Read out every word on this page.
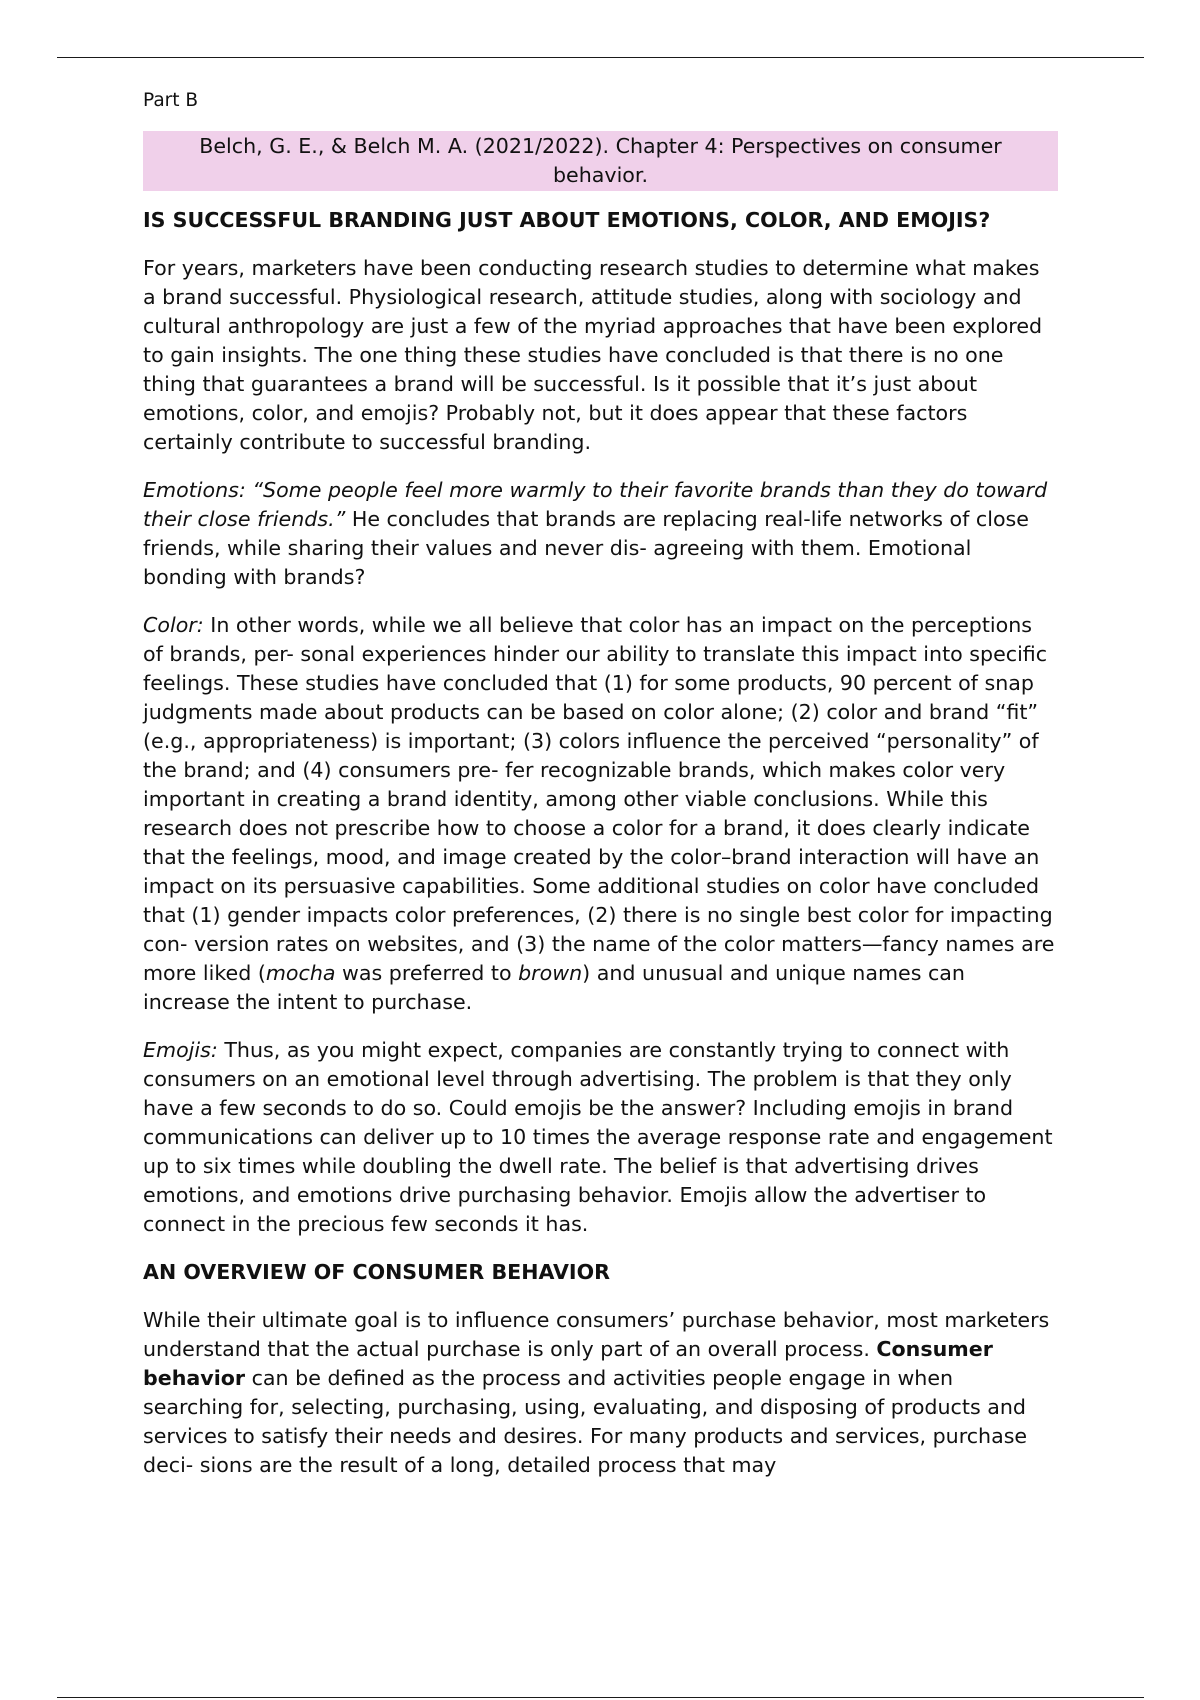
Part B
Belch, G. E., & Belch M. A. (2021/2022). Chapter 4: Perspectives on consumer behavior.
IS SUCCESSFUL BRANDING JUST ABOUT EMOTIONS, COLOR, AND EMOJIS?

For years, marketers have been conducting research studies to determine what makes a brand successful. Physiological research, attitude studies, along with sociology and cultural anthropology are just a few of the myriad approaches that have been explored to gain insights. The one thing these studies have concluded is that there is no one thing that guarantees a brand will be successful. Is it possible that it’s just about emotions, color, and emojis? Probably not, but it does appear that these factors certainly contribute to successful branding.

Emotions: “Some people feel more warmly to their favorite brands than they do toward their close friends.” He concludes that brands are replacing real-life networks of close friends, while sharing their values and never dis- agreeing with them. Emotional bonding with brands?

Color: In other words, while we all believe that color has an impact on the perceptions of brands, per- sonal experiences hinder our ability to translate this impact into specific feelings. These studies have concluded that (1) for some products, 90 percent of snap judgments made about products can be based on color alone; (2) color and brand “fit” (e.g., appropriateness) is important; (3) colors influence the perceived “personality” of the brand; and (4) consumers pre- fer recognizable brands, which makes color very important in creating a brand identity, among other viable conclusions. While this research does not prescribe how to choose a color for a brand, it does clearly indicate that the feelings, mood, and image created by the color–brand interaction will have an impact on its persuasive capabilities. Some additional studies on color have concluded that (1) gender impacts color preferences, (2) there is no single best color for impacting con- version rates on websites, and (3) the name of the color matters—fancy names are more liked (mocha was preferred to brown) and unusual and unique names can increase the intent to purchase.

Emojis: Thus, as you might expect, companies are constantly trying to connect with consumers on an emotional level through advertising. The problem is that they only have a few seconds to do so. Could emojis be the answer? Including emojis in brand communications can deliver up to 10 times the average response rate and engagement up to six times while doubling the dwell rate. The belief is that advertising drives emotions, and emotions drive purchasing behavior. Emojis allow the advertiser to connect in the precious few seconds it has.

AN OVERVIEW OF CONSUMER BEHAVIOR

While their ultimate goal is to influence consumers’ purchase behavior, most marketers understand that the actual purchase is only part of an overall process. Consumer behavior can be defined as the process and activities people engage in when searching for, selecting, purchasing, using, evaluating, and disposing of products and services to satisfy their needs and desires. For many products and services, purchase deci- sions are the result of a long, detailed process that may
